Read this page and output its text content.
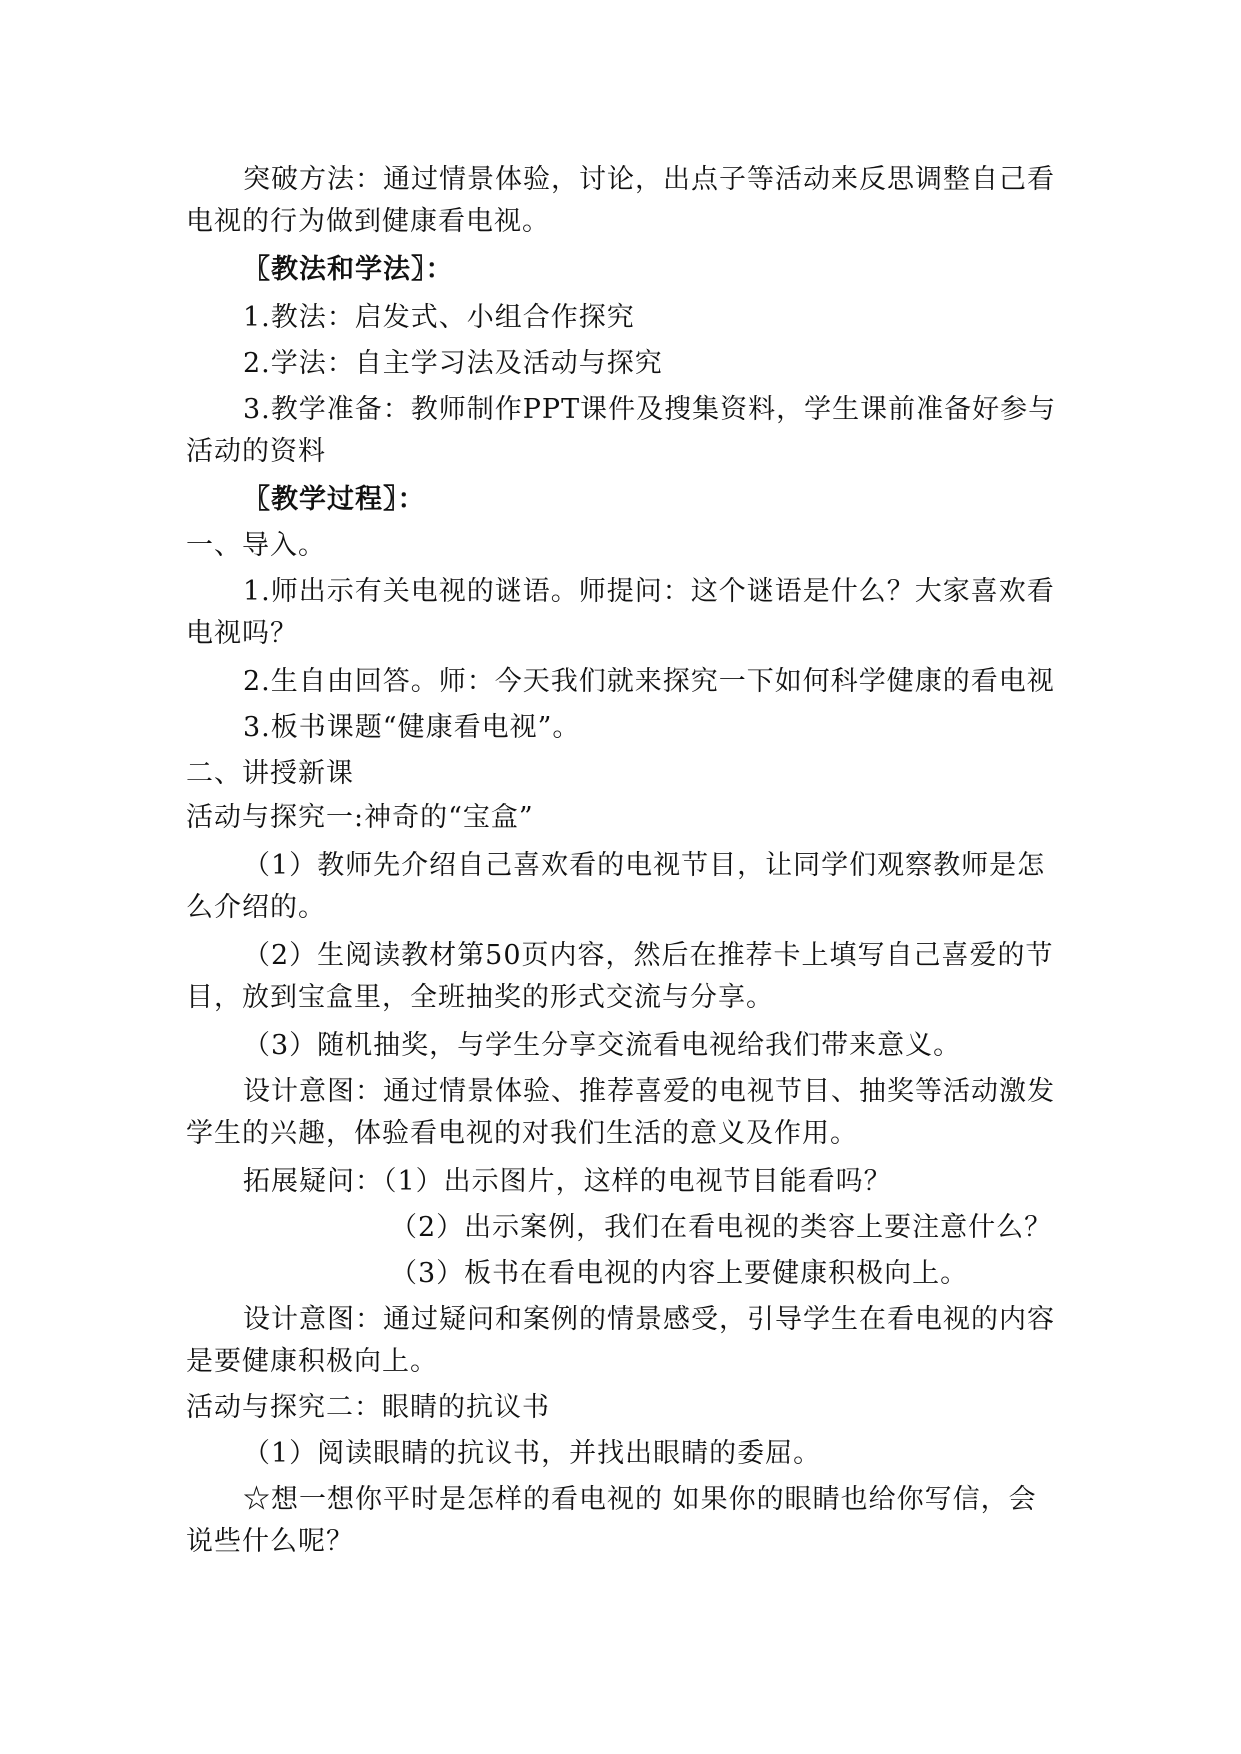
突破方法：通过情景体验，讨论，出点子等活动来反思调整自己看

电视的行为做到健康看电视。

〖教法和学法〗：

1.教法：启发式、小组合作探究

2.学法：自主学习法及活动与探究

3.教学准备：教师制作PPT课件及搜集资料，学生课前准备好参与

活动的资料

〖教学过程〗：

一、导入。

1.师出示有关电视的谜语。师提问：这个谜语是什么？大家喜欢看

电视吗？

2.生自由回答。师：今天我们就来探究一下如何科学健康的看电视

3.板书课题“健康看电视”。

二、讲授新课

活动与探究一:神奇的“宝盒”

（1）教师先介绍自己喜欢看的电视节目，让同学们观察教师是怎

么介绍的。

（2）生阅读教材第50页内容，然后在推荐卡上填写自己喜爱的节

目，放到宝盒里，全班抽奖的形式交流与分享。

（3）随机抽奖，与学生分享交流看电视给我们带来意义。

设计意图：通过情景体验、推荐喜爱的电视节目、抽奖等活动激发

学生的兴趣，体验看电视的对我们生活的意义及作用。

拓展疑问：（1）出示图片，这样的电视节目能看吗？

（2）出示案例，我们在看电视的类容上要注意什么？

（3）板书在看电视的内容上要健康积极向上。

设计意图：通过疑问和案例的情景感受，引导学生在看电视的内容

是要健康积极向上。

活动与探究二：眼睛的抗议书

（1）阅读眼睛的抗议书，并找出眼睛的委屈。

☆想一想你平时是怎样的看电视的 如果你的眼睛也给你写信，会

说些什么呢？
